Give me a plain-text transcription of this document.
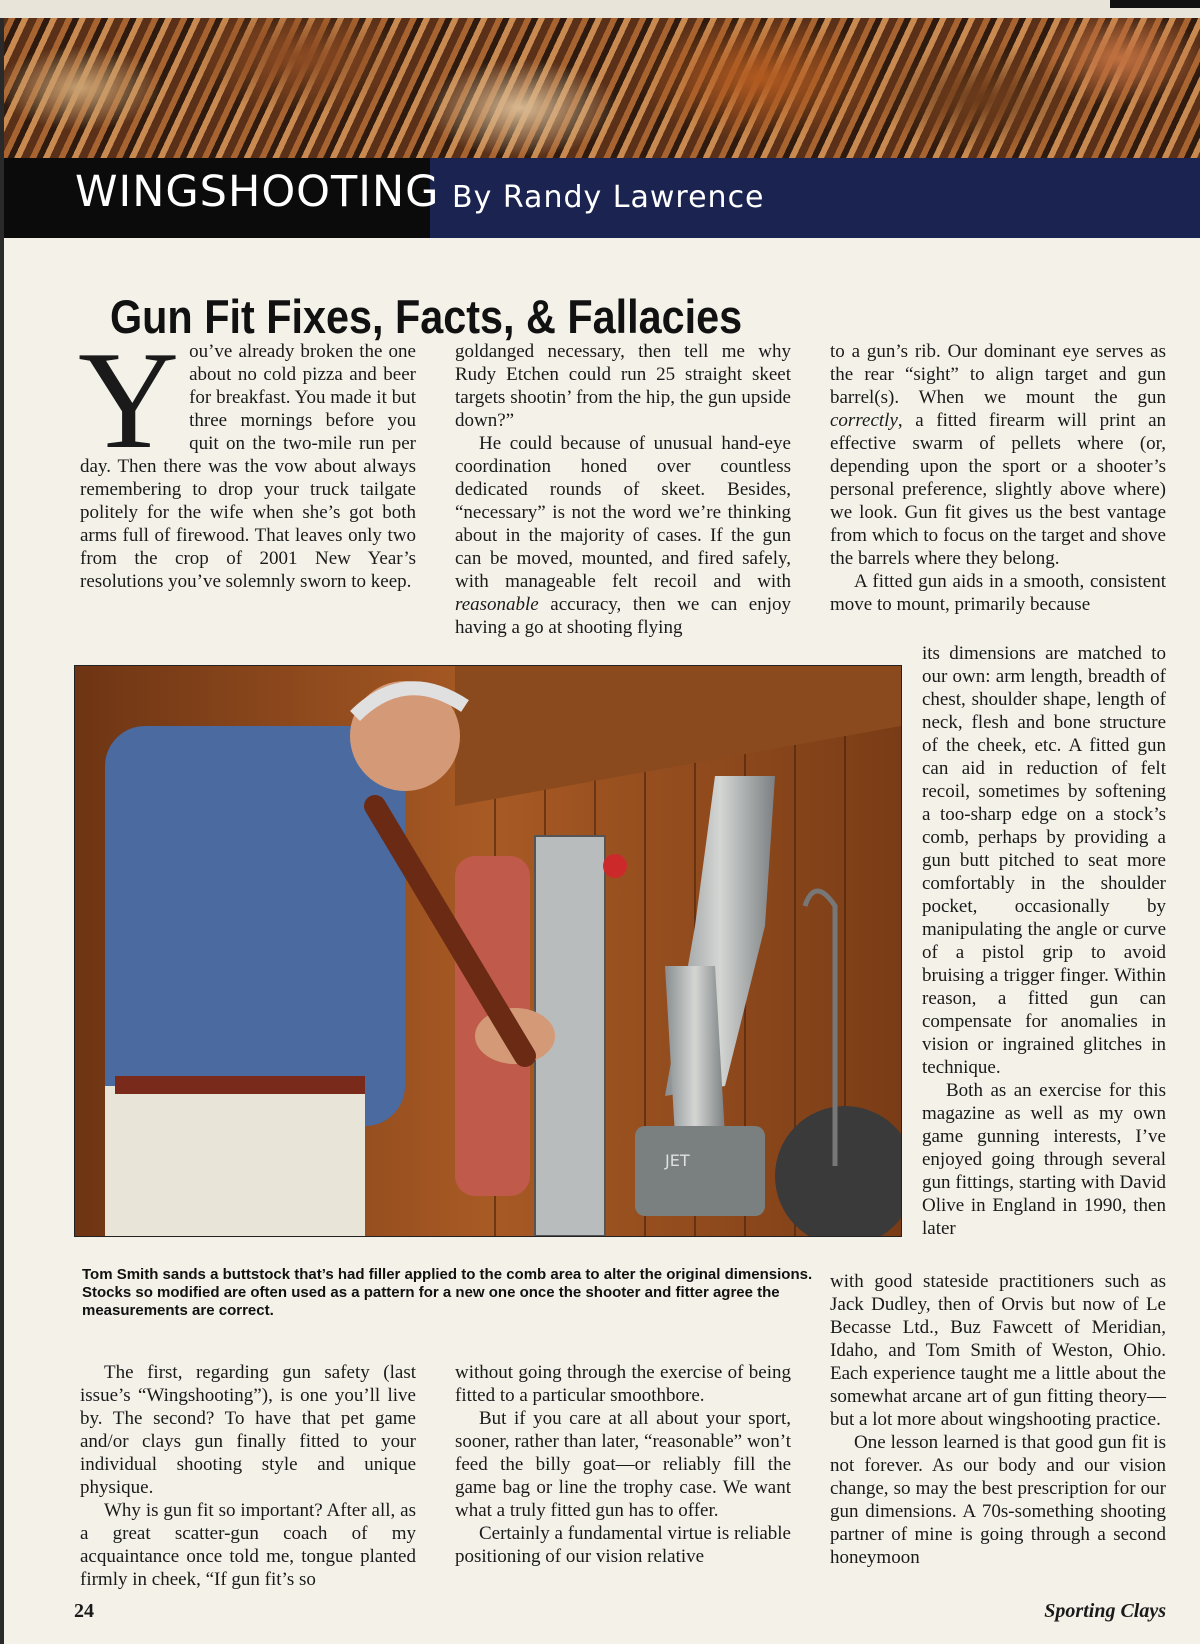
WINGSHOOTING By Randy Lawrence
Gun Fit Fixes, Facts, & Fallacies

You’ve already broken the one about no cold pizza and beer for breakfast. You made it but three mornings before you quit on the two-mile run per day. Then there was the vow about always remembering to drop your truck tailgate politely for the wife when she’s got both arms full of firewood. That leaves only two from the crop of 2001 New Year’s resolutions you’ve solemnly sworn to keep.

goldanged necessary, then tell me why Rudy Etchen could run 25 straight skeet targets shootin’ from the hip, the gun upside down?”

He could because of unusual hand-eye coordination honed over countless dedicated rounds of skeet. Besides, “necessary” is not the word we’re thinking about in the majority of cases. If the gun can be moved, mounted, and fired safely, with manageable felt recoil and with reasonable accuracy, then we can enjoy having a go at shooting flying

to a gun’s rib. Our dominant eye serves as the rear “sight” to align target and gun barrel(s). When we mount the gun correctly, a fitted firearm will print an effective swarm of pellets where (or, depending upon the sport or a shooter’s personal preference, slightly above where) we look. Gun fit gives us the best vantage from which to focus on the target and shove the barrels where they belong.

A fitted gun aids in a smooth, consistent move to mount, primarily because

its dimensions are matched to our own: arm length, breadth of chest, shoulder shape, length of neck, flesh and bone structure of the cheek, etc. A fitted gun can aid in reduction of felt recoil, sometimes by softening a too-sharp edge on a stock’s comb, perhaps by providing a gun butt pitched to seat more comfortably in the shoulder pocket, occasionally by manipulating the angle or curve of a pistol grip to avoid bruising a trigger finger. Within reason, a fitted gun can compensate for anomalies in vision or ingrained glitches in technique.

Both as an exercise for this magazine as well as my own game gunning interests, I’ve enjoyed going through several gun fittings, starting with David Olive in England in 1990, then later

with good stateside practitioners such as Jack Dudley, then of Orvis but now of Le Becasse Ltd., Buz Fawcett of Meridian, Idaho, and Tom Smith of Weston, Ohio. Each experience taught me a little about the somewhat arcane art of gun fitting theory—but a lot more about wingshooting practice.

One lesson learned is that good gun fit is not forever. As our body and our vision change, so may the best prescription for our gun dimensions. A 70s-something shooting partner of mine is going through a second honeymoon

JET
Tom Smith sands a buttstock that’s had filler applied to the comb area to alter the original dimensions. Stocks so modified are often used as a pattern for a new one once the shooter and fitter agree the measurements are correct.

The first, regarding gun safety (last issue’s “Wingshooting”), is one you’ll live by. The second? To have that pet game and/or clays gun finally fitted to your individual shooting style and unique physique.

Why is gun fit so important? After all, as a great scatter-gun coach of my acquaintance once told me, tongue planted firmly in cheek, “If gun fit’s so

without going through the exercise of being fitted to a particular smoothbore.

But if you care at all about your sport, sooner, rather than later, “reasonable” won’t feed the billy goat—or reliably fill the game bag or line the trophy case. We want what a truly fitted gun has to offer.

Certainly a fundamental virtue is reliable positioning of our vision relative

24	Sporting Clays
